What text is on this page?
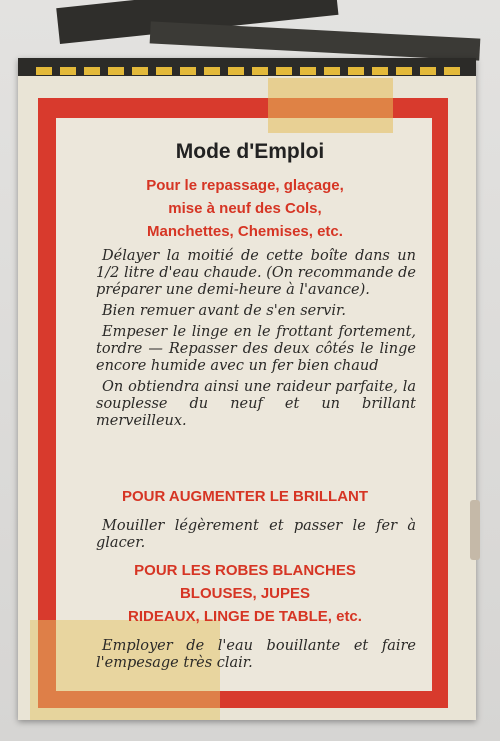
Mode d'Emploi
Pour le repassage, glaçage,
mise à neuf des Cols,
Manchettes, Chemises, etc.

Délayer la moitié de cette boîte dans un 1/2 litre d'eau chaude. (On recommande de préparer une demi-heure à l'avance).

Bien remuer avant de s'en servir.

Empeser le linge en le frottant fortement, tordre — Repasser des deux côtés le linge encore humide avec un fer bien chaud

On obtiendra ainsi une raideur parfaite, la souplesse du neuf et un brillant merveilleux.

POUR AUGMENTER LE BRILLANT

Mouiller légèrement et passer le fer à glacer.

POUR LES ROBES BLANCHES
BLOUSES, JUPES
RIDEAUX, LINGE DE TABLE, etc.

Employer de l'eau bouillante et faire l'empesage très clair.
